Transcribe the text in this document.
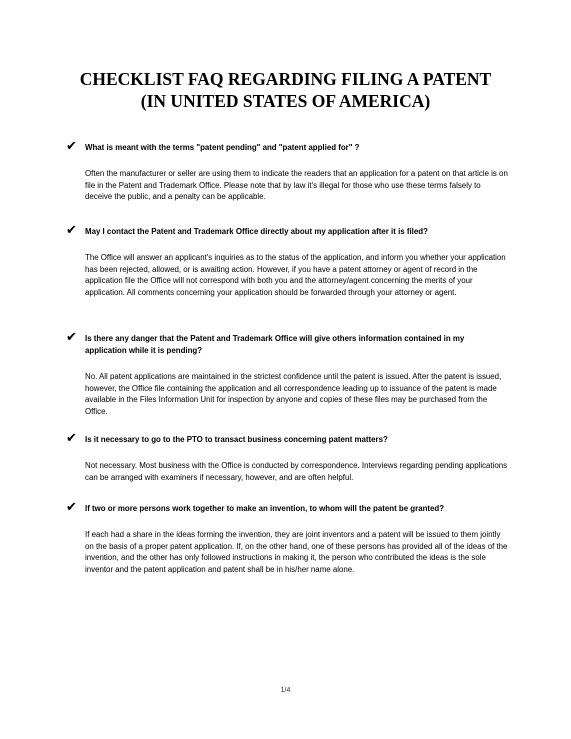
CHECKLIST FAQ REGARDING FILING A PATENT
(IN UNITED STATES OF AMERICA)
✔ What is meant with the terms "patent pending" and "patent applied for" ?
Often the manufacturer or seller are using them to indicate the readers that an application for a patent on that article is on file in the Patent and Trademark Office. Please note that by law it's illegal for those who use these terms falsely to deceive the public, and a penalty can be applicable.
✔ May I contact the Patent and Trademark Office directly about my application after it is filed?
The Office will answer an applicant's inquiries as to the status of the application, and inform you whether your application has been rejected, allowed, or is awaiting action. However, if you have a patent attorney or agent of record in the application file the Office will not correspond with both you and the attorney/agent concerning the merits of your application. All comments concerning your application should be forwarded through your attorney or agent.
✔ Is there any danger that the Patent and Trademark Office will give others information contained in my application while it is pending?
No. All patent applications are maintained in the strictest confidence until the patent is issued. After the patent is issued, however, the Office file containing the application and all correspondence leading up to issuance of the patent is made available in the Files Information Unit for inspection by anyone and copies of these files may be purchased from the Office.
✔ Is it necessary to go to the PTO to transact business concerning patent matters?
Not necessary. Most business with the Office is conducted by correspondence. Interviews regarding pending applications can be arranged with examiners if necessary, however, and are often helpful.
✔ If two or more persons work together to make an invention, to whom will the patent be granted?
If each had a share in the ideas forming the invention, they are joint inventors and a patent will be issued to them jointly on the basis of a proper patent application. If, on the other hand, one of these persons has provided all of the ideas of the invention, and the other has only followed instructions in making it, the person who contributed the ideas is the sole inventor and the patent application and patent shall be in his/her name alone.
1/4
